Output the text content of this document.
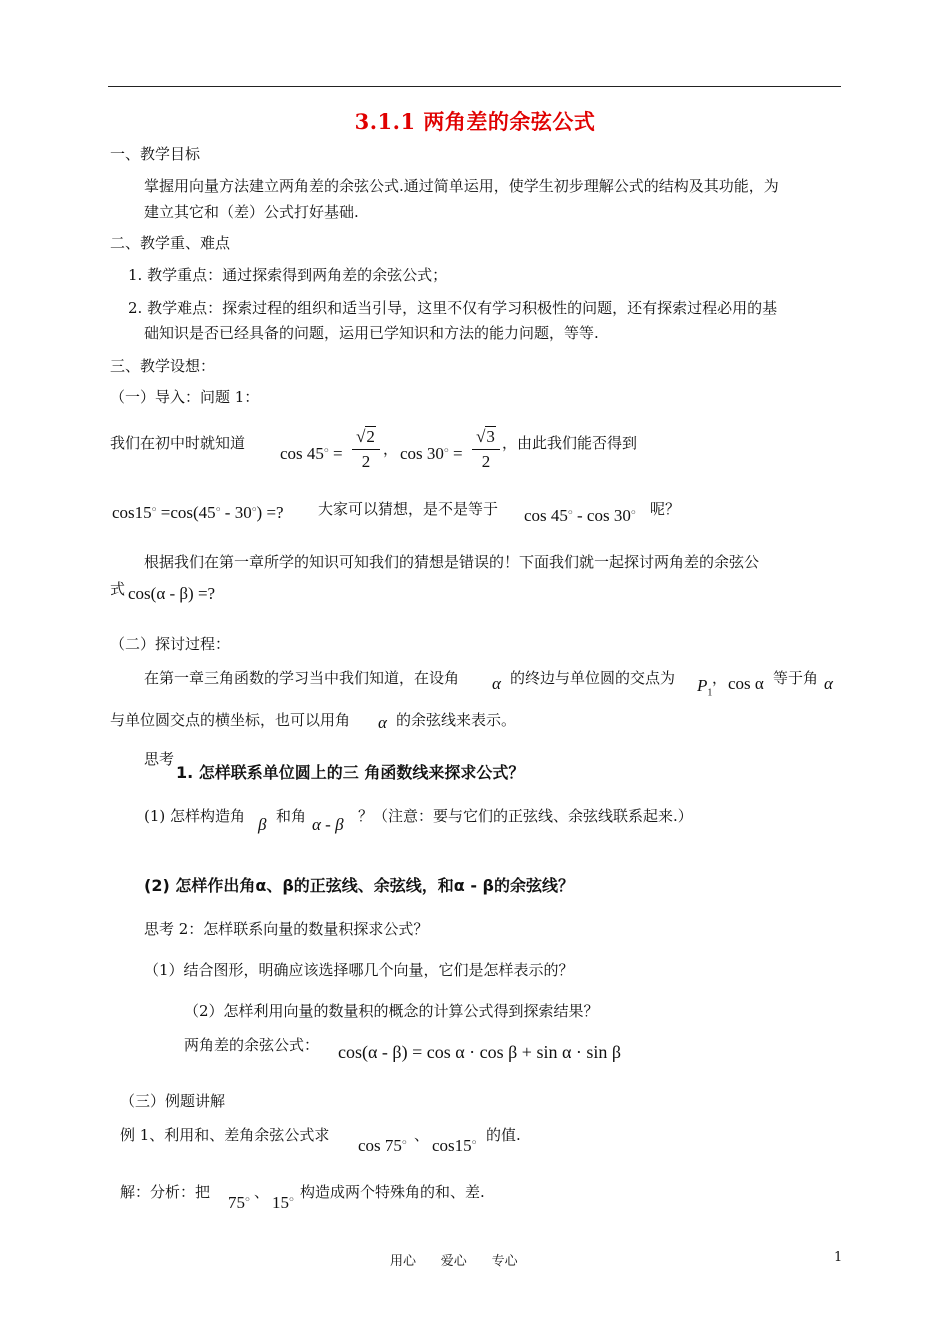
3.1.1 两角差的余弦公式
一、教学目标
掌握用向量方法建立两角差的余弦公式.通过简单运用，使学生初步理解公式的结构及其功能，为
建立其它和（差）公式打好基础.
二、教学重、难点
1. 教学重点：通过探索得到两角差的余弦公式；
2. 教学难点：探索过程的组织和适当引导，这里不仅有学习积极性的问题，还有探索过程必用的基
础知识是否已经具备的问题，运用已学知识和方法的能力问题，等等.
三、教学设想：
（一）导入：问题 1：
我们在初中时就知道
cos 45○ =
√2
2
， cos 30○ =
√3
2
，由此我们能否得到
cos15○ =cos(45○ - 30○) =? 大家可以猜想，是不是等于 cos 45○ - cos 30○ 呢？
根据我们在第一章所学的知识可知我们的猜想是错误的！下面我们就一起探讨两角差的余弦公
式 cos(α - β) =?
（二）探讨过程：
在第一章三角函数的学习当中我们知道，在设角 α 的终边与单位圆的交点为 $P_1$
， cos α 等于角 α
与单位圆交点的横坐标，也可以用角 α 的余弦线来表示。
思考
1. 怎样联系单位圆上的三 角函数线来探求公式？
(1) 怎样构造角 β 和角 α - β ？（注意：要与它们的正弦线、余弦线联系起来.）
(2) 怎样作出角α、β的正弦线、余弦线，和α - β的余弦线？
思考 2：怎样联系向量的数量积探求公式？
（1）结合图形，明确应该选择哪几个向量，它们是怎样表示的？
（2）怎样利用向量的数量积的概念的计算公式得到探索结果？
两角差的余弦公式： cos(α - β) = cos α · cos β + sin α · sin β
（三）例题讲解
例 1、利用和、差角余弦公式求
cos 75○ 、
cos15○ 的值.
解：分析：把
75○ 、
15○ 构造成两个特殊角的和、差.
用心      爱心      专心	1
